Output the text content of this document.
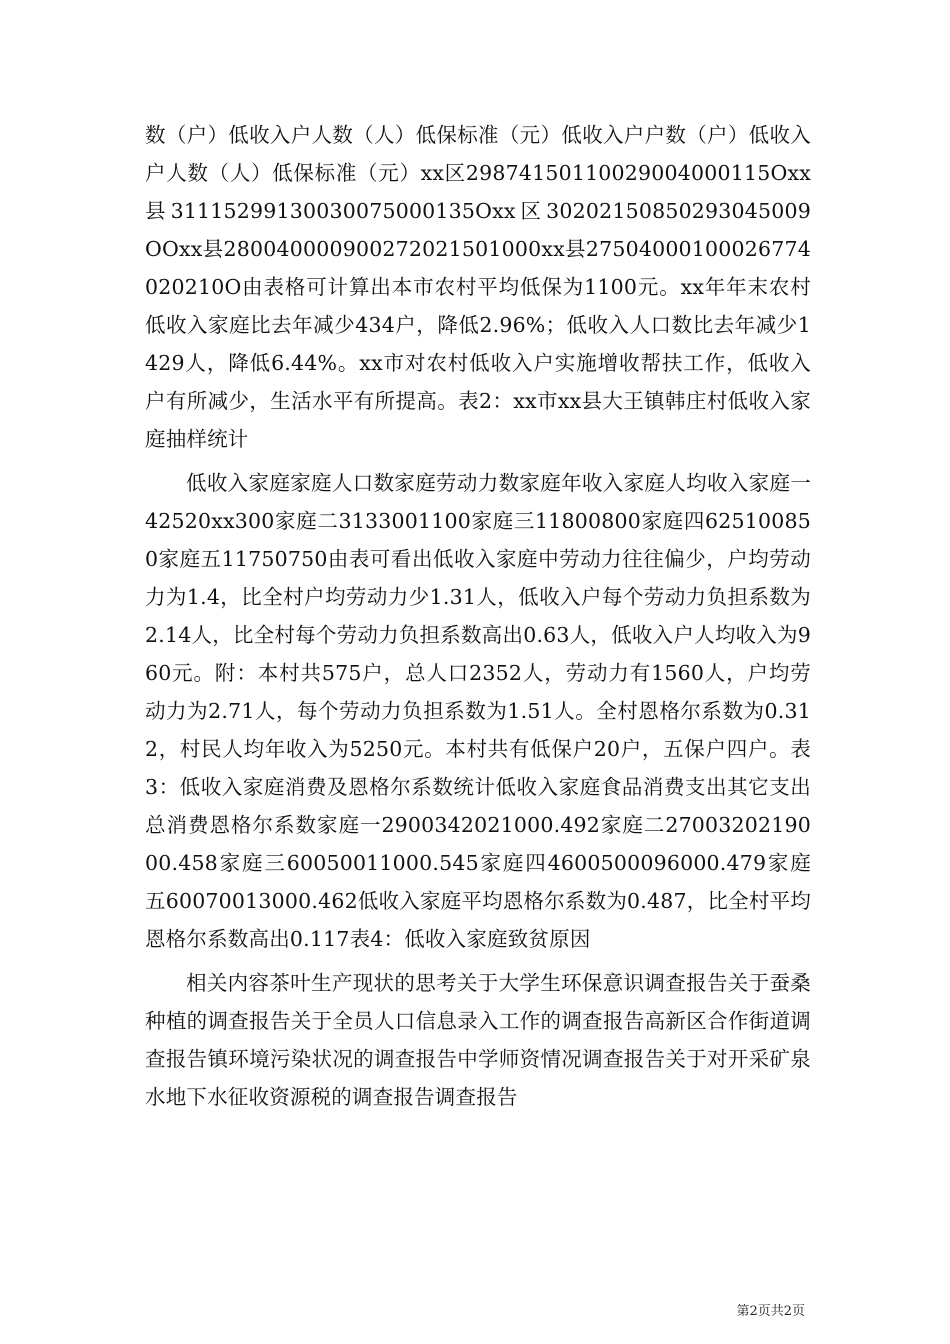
数（户）低收入户人数（人）低保标准（元）低收入户户数（户）低收入户人数（人）低保标准（元）xx区29874150110029004000115Oxx县31115299130030075000135Oxx区30202150850293045009OOxx县280040000900272021501000xx县27504000100026774020210O由表格可计算出本市农村平均低保为1100元。xx年年末农村低收入家庭比去年减少434户，降低2.96%；低收入人口数比去年减少1429人，降低6.44%。xx市对农村低收入户实施增收帮扶工作，低收入户有所减少，生活水平有所提高。表2：xx市xx县大王镇韩庄村低收入家庭抽样统计

低收入家庭家庭人口数家庭劳动力数家庭年收入家庭人均收入家庭一42520xx300家庭二3133001100家庭三11800800家庭四625100850家庭五11750750由表可看出低收入家庭中劳动力往往偏少，户均劳动力为1.4，比全村户均劳动力少1.31人，低收入户每个劳动力负担系数为2.14人，比全村每个劳动力负担系数高出0.63人，低收入户人均收入为960元。附：本村共575户，总人口2352人，劳动力有1560人，户均劳动力为2.71人，每个劳动力负担系数为1.51人。全村恩格尔系数为0.312，村民人均年收入为5250元。本村共有低保户20户，五保户四户。表3：低收入家庭消费及恩格尔系数统计低收入家庭食品消费支出其它支出总消费恩格尔系数家庭一2900342021000.492家庭二2700320219000.458家庭三60050011000.545家庭四4600500096000.479家庭五60070013000.462低收入家庭平均恩格尔系数为0.487，比全村平均恩格尔系数高出0.117表4：低收入家庭致贫原因

相关内容茶叶生产现状的思考关于大学生环保意识调查报告关于蚕桑种植的调查报告关于全员人口信息录入工作的调查报告高新区合作街道调查报告镇环境污染状况的调查报告中学师资情况调查报告关于对开采矿泉水地下水征收资源税的调查报告调查报告

第2页共2页
